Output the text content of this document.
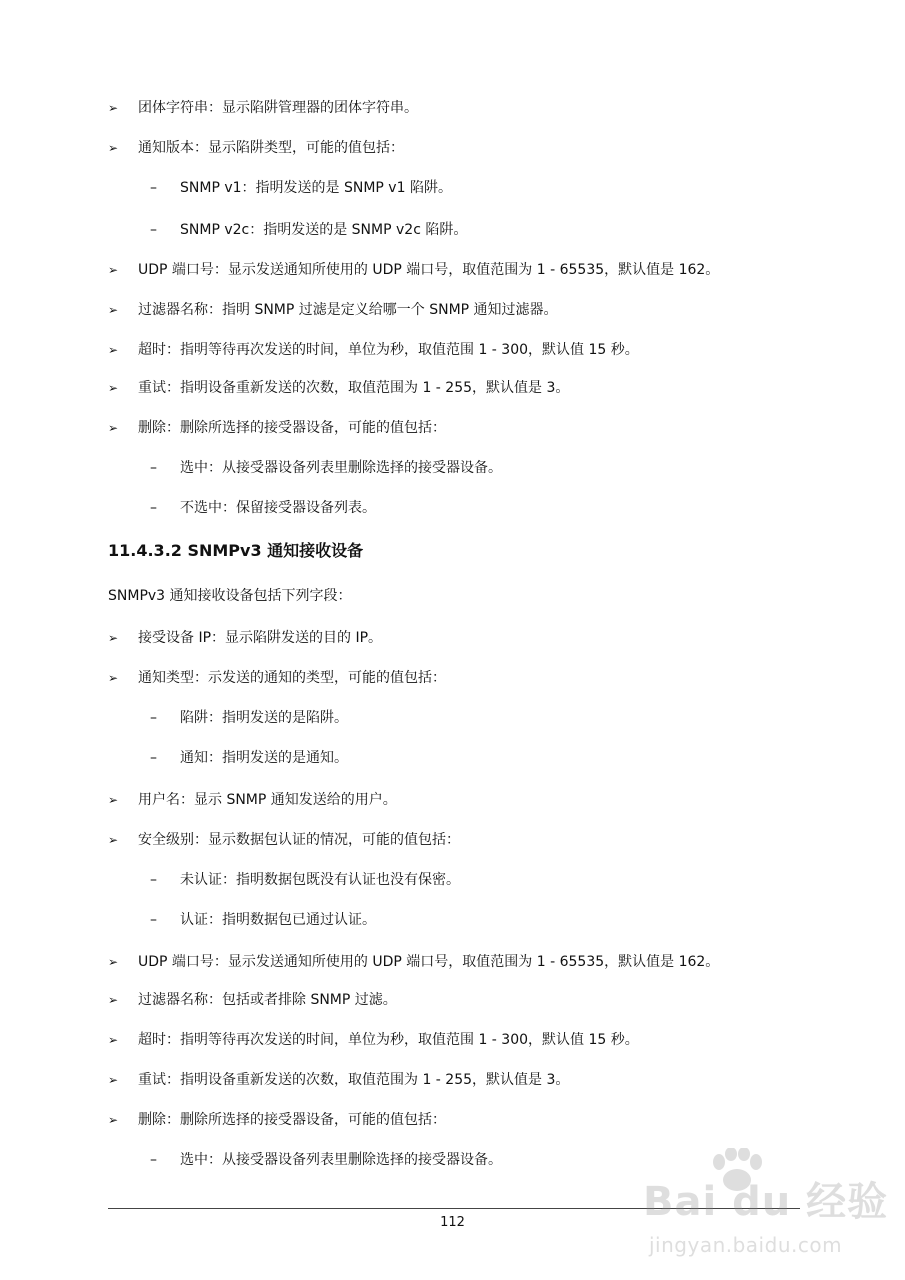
➢ 团体字符串：显示陷阱管理器的团体字符串。
➢ 通知版本：显示陷阱类型，可能的值包括：
– SNMP v1：指明发送的是 SNMP v1 陷阱。
– SNMP v2c：指明发送的是 SNMP v2c 陷阱。
➢ UDP 端口号：显示发送通知所使用的 UDP 端口号，取值范围为 1 - 65535，默认值是 162。
➢ 过滤器名称：指明 SNMP 过滤是定义给哪一个 SNMP 通知过滤器。
➢ 超时：指明等待再次发送的时间，单位为秒，取值范围 1 - 300，默认值 15 秒。
➢ 重试：指明设备重新发送的次数，取值范围为 1 - 255，默认值是 3。
➢ 删除：删除所选择的接受器设备，可能的值包括：
– 选中：从接受器设备列表里删除选择的接受器设备。
– 不选中：保留接受器设备列表。
11.4.3.2 SNMPv3 通知接收设备
SNMPv3 通知接收设备包括下列字段：
➢ 接受设备 IP：显示陷阱发送的目的 IP。
➢ 通知类型：示发送的通知的类型，可能的值包括：
– 陷阱：指明发送的是陷阱。
– 通知：指明发送的是通知。
➢ 用户名：显示 SNMP 通知发送给的用户。
➢ 安全级别：显示数据包认证的情况，可能的值包括：
– 未认证：指明数据包既没有认证也没有保密。
– 认证：指明数据包已通过认证。
➢ UDP 端口号：显示发送通知所使用的 UDP 端口号，取值范围为 1 - 65535，默认值是 162。
➢ 过滤器名称：包括或者排除 SNMP 过滤。
➢ 超时：指明等待再次发送的时间，单位为秒，取值范围 1 - 300，默认值 15 秒。
➢ 重试：指明设备重新发送的次数，取值范围为 1 - 255，默认值是 3。
➢ 删除：删除所选择的接受器设备，可能的值包括：
– 选中：从接受器设备列表里删除选择的接受器设备。
112	Bai du 经验
jingyan.baidu.com
